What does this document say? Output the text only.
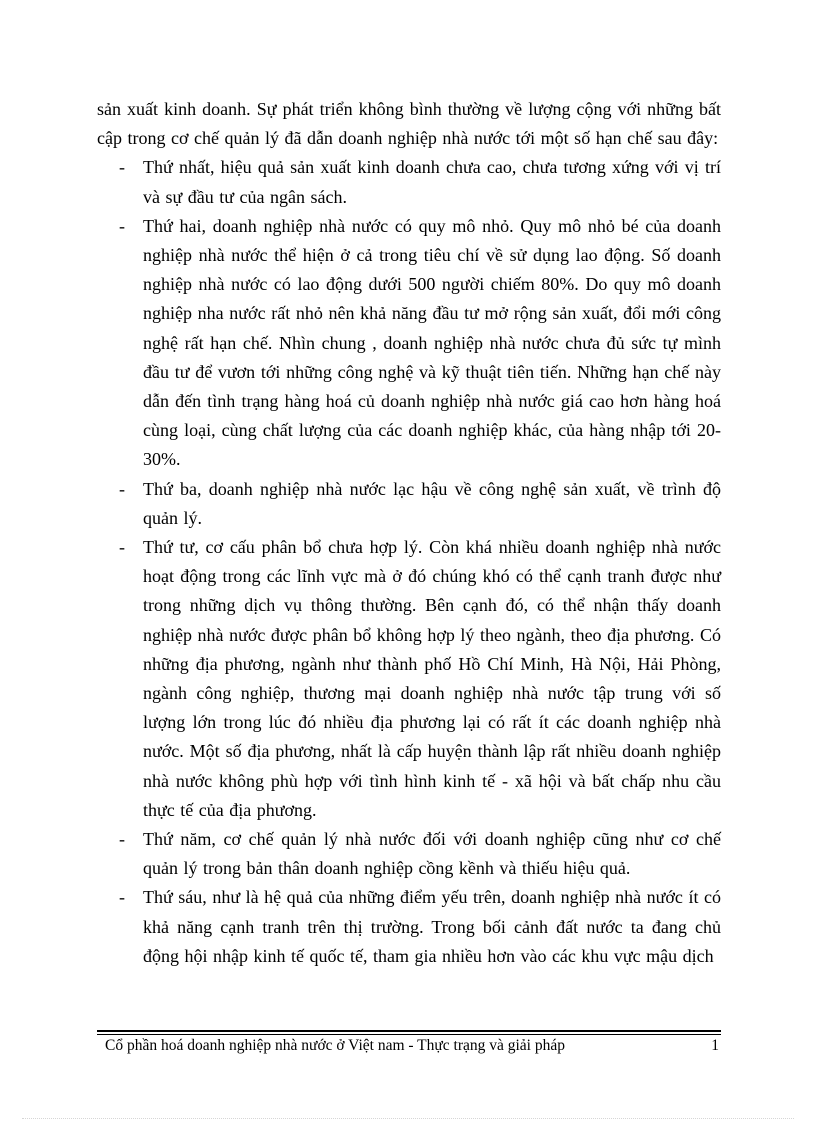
sản xuất kinh doanh. Sự phát triển không bình thường về lượng cộng với những bất cập trong cơ chế quản lý đã dẫn doanh nghiệp nhà nước tới một số hạn chế sau đây:

- Thứ nhất, hiệu quả sản xuất kinh doanh chưa cao, chưa tương xứng với vị trí và sự đầu tư của ngân sách.
- Thứ hai, doanh nghiệp nhà nước có quy mô nhỏ. Quy mô nhỏ bé của doanh nghiệp nhà nước thể hiện ở cả trong tiêu chí về sử dụng lao động. Số doanh nghiệp nhà nước có lao động dưới 500 người chiếm 80%. Do quy mô doanh nghiệp nha nước rất nhỏ nên khả năng đầu tư mở rộng sản xuất, đổi mới công nghệ rất hạn chế. Nhìn chung , doanh nghiệp nhà nước chưa đủ sức tự mình đầu tư để vươn tới những công nghệ và kỹ thuật tiên tiến. Những hạn chế này dẫn đến tình trạng hàng hoá củ doanh nghiệp nhà nước giá cao hơn hàng hoá cùng loại, cùng chất lượng của các doanh nghiệp khác, của hàng nhập tới 20-30%.
- Thứ ba, doanh nghiệp nhà nước lạc hậu về công nghệ sản xuất, về trình độ quản lý.
- Thứ tư, cơ cấu phân bổ chưa hợp lý. Còn khá nhiều doanh nghiệp nhà nước hoạt động trong các lĩnh vực mà ở đó chúng khó có thể cạnh tranh được như trong những dịch vụ thông thường. Bên cạnh đó, có thể nhận thấy doanh nghiệp nhà nước được phân bổ không hợp lý theo ngành, theo địa phương. Có những địa phương, ngành như thành phố Hồ Chí Minh, Hà Nội, Hải Phòng, ngành công nghiệp, thương mại doanh nghiệp nhà nước tập trung với số lượng lớn trong lúc đó nhiều địa phương lại có rất ít các doanh nghiệp nhà nước. Một số địa phương, nhất là cấp huyện thành lập rất nhiều doanh nghiệp nhà nước không phù hợp với tình hình kinh tế - xã hội và bất chấp nhu cầu thực tế của địa phương.
- Thứ năm, cơ chế quản lý nhà nước đối với doanh nghiệp cũng như cơ chế quản lý trong bản thân doanh nghiệp cồng kềnh và thiếu hiệu quả.
- Thứ sáu, như là hệ quả của những điểm yếu trên, doanh nghiệp nhà nước ít có khả năng cạnh tranh trên thị trường. Trong bối cảnh đất nước ta đang chủ động hội nhập kinh tế quốc tế, tham gia nhiều hơn vào các khu vực mậu dịch
Cổ phần hoá doanh nghiệp nhà nước ở Việt nam - Thực trạng và giải pháp	1
